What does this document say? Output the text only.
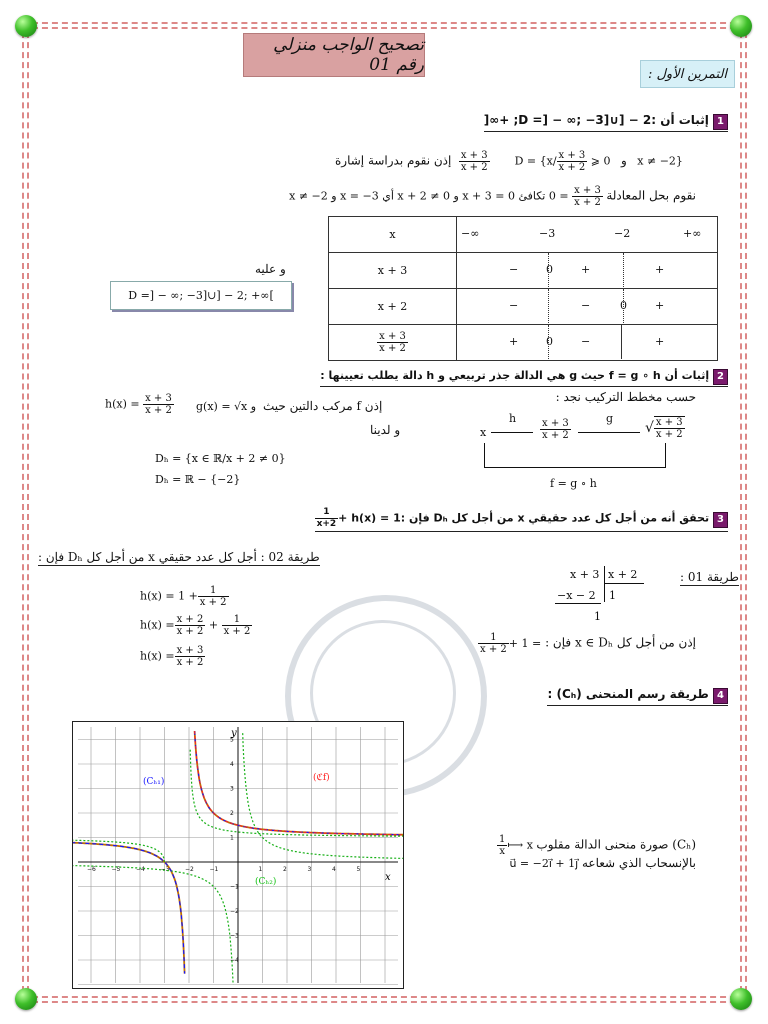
تصحيح الواجب منزلي رقم 01	التمرين الأول :
1 إثبات أن :D =] − ∞; −3]∪] − 2; +∞[
إذن نقوم بدراسة إشارة $\frac{x + 3}{x + 2}$ $D = \{x/ \frac{x + 3}{x + 2}$ ⩾ 0 و x ≠ −2}
نقوم بحل المعادلة
$\frac{x + 3}{x + 2}$
= 0 تكافئ x + 3 = 0 و x + 2 ≠ 0 أي x = −3 و x ≠ −2
x	−∞ −3 −2 +∞

x + 3	− 0 + +

x + 2	− − 0 +

$\frac{x + 3}{x + 2}$	+ 0 − +
و عليه
D =] − ∞; −3]∪] − 2; +∞[
2 إثبات أن f = g ∘ h حيث g هي الدالة جذر تربيعي و h دالة يطلب تعيينها :
حسب مخطط التركيب نجد :
إذن f مركب دالتين حيث
g(x) = √x و
$h(x) = \frac{x + 3}{x + 2}$
و لدينا	x
h $\frac{x + 3}{x + 2}$	g
√ $\frac{x + 3}{x + 2}$
f = g ∘ h
Dₕ = {x ∈ ℝ/x + 2 ≠ 0}
Dₕ = ℝ − {−2}
3 تحقق أنه من أجل كل عدد حقيقي x من أجل كل Dₕ فإن :h(x) = 1 +
$\frac{1}{x+2}$
طريقة 02 : أجل كل عدد حقيقي x من أجل كل Dₕ فإن :
$h(x) = 1 + \frac{1}{x + 2}$
$h(x) = \frac{x + 2}{x + 2} + \frac{1}{x + 2}$
$h(x) = \frac{x + 3}{x + 2}$
طريقة 01 :
x + 3 x + 2
−x − 2 1
1
إذن من أجل كل x ∈ Dₕ فإن : = 1 +
$\frac{1}{x + 2}$
4 طريقة رسم المنحنى (Cₕ) :
(Cₕ) صورة منحنى الدالة مقلوب x ⟼
$\frac{1}{x}$
بالإنسحاب الذي شعاعه u⃗ = −2i⃗ + 1j⃗
−6	−5	−4	−3	−2	−1	1	2	3	4	5
5
4
3
2
1
−1
−2
−3
−4
x
y
(Cₕ₁)	(ℭf)
(Cₕ₂)
